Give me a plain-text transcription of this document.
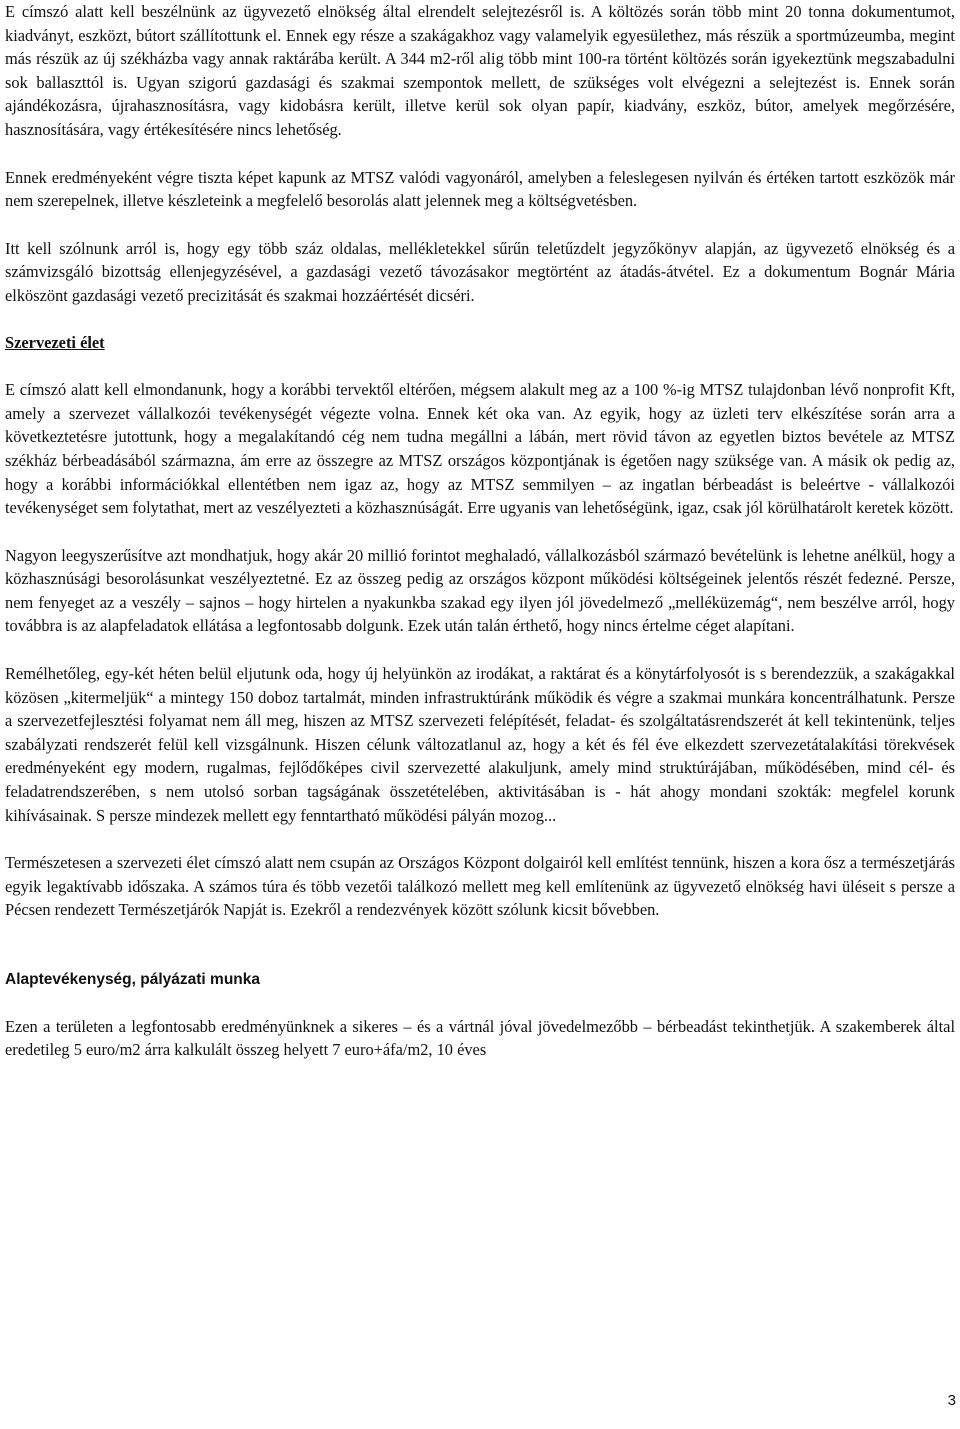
E címszó alatt kell beszélnünk az ügyvezető elnökség által elrendelt selejtezésről is. A költözés során több mint 20 tonna dokumentumot, kiadványt, eszközt, bútort szállítottunk el. Ennek egy része a szakágakhoz vagy valamelyik egyesülethez, más részük a sportmúzeumba, megint más részük az új székházba vagy annak raktárába került. A 344 m2-ről alig több mint 100-ra történt költözés során igyekeztünk megszabadulni sok ballaszttól is. Ugyan szigorú gazdasági és szakmai szempontok mellett, de szükséges volt elvégezni a selejtezést is. Ennek során ajándékozásra, újrahasznosításra, vagy kidobásra került, illetve kerül sok olyan papír, kiadvány, eszköz, bútor, amelyek megőrzésére, hasznosítására, vagy értékesítésére nincs lehetőség.

Ennek eredményeként végre tiszta képet kapunk az MTSZ valódi vagyonáról, amelyben a feleslegesen nyilván és értéken tartott eszközök már nem szerepelnek, illetve készleteink a megfelelő besorolás alatt jelennek meg a költségvetésben.

Itt kell szólnunk arról is, hogy egy több száz oldalas, mellékletekkel sűrűn teletűzdelt jegyzőkönyv alapján, az ügyvezető elnökség és a számvizsgáló bizottság ellenjegyzésével, a gazdasági vezető távozásakor megtörtént az átadás-átvétel. Ez a dokumentum Bognár Mária elköszönt gazdasági vezető precizitását és szakmai hozzáértését dicséri.

Szervezeti élet

E címszó alatt kell elmondanunk, hogy a korábbi tervektől eltérően, mégsem alakult meg az a 100 %-ig MTSZ tulajdonban lévő nonprofit Kft, amely a szervezet vállalkozói tevékenységét végezte volna. Ennek két oka van. Az egyik, hogy az üzleti terv elkészítése során arra a következtetésre jutottunk, hogy a megalakítandó cég nem tudna megállni a lábán, mert rövid távon az egyetlen biztos bevétele az MTSZ székház bérbeadásából származna, ám erre az összegre az MTSZ országos központjának is égetően nagy szüksége van. A másik ok pedig az, hogy a korábbi információkkal ellentétben nem igaz az, hogy az MTSZ semmilyen – az ingatlan bérbeadást is beleértve - vállalkozói tevékenységet sem folytathat, mert az veszélyezteti a közhasznúságát. Erre ugyanis van lehetőségünk, igaz, csak jól körülhatárolt keretek között.

Nagyon leegyszerűsítve azt mondhatjuk, hogy akár 20 millió forintot meghaladó, vállalkozásból származó bevételünk is lehetne anélkül, hogy a közhasznúsági besorolásunkat veszélyeztetné. Ez az összeg pedig az országos központ működési költségeinek jelentős részét fedezné. Persze, nem fenyeget az a veszély – sajnos – hogy hirtelen a nyakunkba szakad egy ilyen jól jövedelmező „melléküzemág“, nem beszélve arról, hogy továbbra is az alapfeladatok ellátása a legfontosabb dolgunk. Ezek után talán érthető, hogy nincs értelme céget alapítani.

Remélhetőleg, egy-két héten belül eljutunk oda, hogy új helyünkön az irodákat, a raktárat és a könytárfolyosót is s berendezzük, a szakágakkal közösen „kitermeljük“ a mintegy 150 doboz tartalmát, minden infrastruktúránk működik és végre a szakmai munkára koncentrálhatunk. Persze a szervezetfejlesztési folyamat nem áll meg, hiszen az MTSZ szervezeti felépítését, feladat- és szolgáltatásrendszerét át kell tekintenünk, teljes szabályzati rendszerét felül kell vizsgálnunk. Hiszen célunk változatlanul az, hogy a két és fél éve elkezdett szervezetátalakítási törekvések eredményeként egy modern, rugalmas, fejlődőképes civil szervezetté alakuljunk, amely mind struktúrájában, működésében, mind cél- és feladatrendszerében, s nem utolsó sorban tagságának összetételében, aktivitásában is - hát ahogy mondani szokták: megfelel korunk kihívásainak. S persze mindezek mellett egy fenntartható működési pályán mozog...

Természetesen a szervezeti élet címszó alatt nem csupán az Országos Központ dolgairól kell említést tennünk, hiszen a kora ősz a természetjárás egyik legaktívabb időszaka. A számos túra és több vezetői találkozó mellett meg kell említenünk az ügyvezető elnökség havi üléseit s persze a Pécsen rendezett Természetjárók Napját is. Ezekről a rendezvények között szólunk kicsit bővebben.

Alaptevékenység, pályázati munka

Ezen a területen a legfontosabb eredményünknek a sikeres – és a vártnál jóval jövedelmezőbb – bérbeadást tekinthetjük. A szakemberek által eredetileg 5 euro/m2 árra kalkulált összeg helyett 7 euro+áfa/m2, 10 éves

3
